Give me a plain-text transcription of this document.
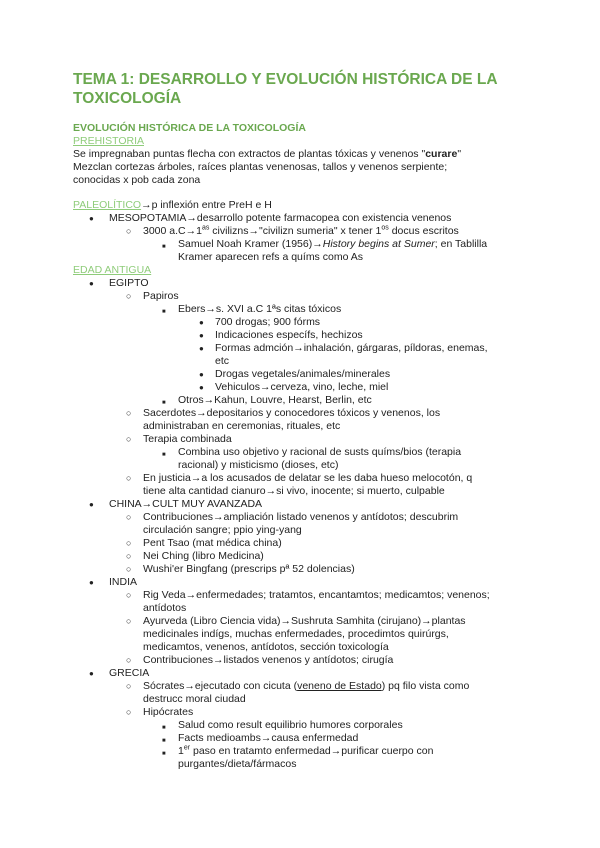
TEMA 1: DESARROLLO Y EVOLUCIÓN HISTÓRICA DE LA TOXICOLOGÍA
EVOLUCIÓN HISTÓRICA DE LA TOXICOLOGÍA
PREHISTORIA
Se impregnaban puntas flecha con extractos de plantas tóxicas y venenos "curare"
Mezclan cortezas árboles, raíces plantas venenosas, tallos y venenos serpiente;
conocidas x pob cada zona
PALEOLÍTICO→p inflexión entre PreH e H
● MESOPOTAMIA→desarrollo potente farmacopea con existencia venenos
○ 3000 $a.C\to 1^{as}$ civilizns→"civilizn sumeria" x tener $1^{os}$ docus escritos
■ Samuel Noah Kramer (1956)→History begins at Sumer; en Tablilla
Kramer aparecen refs a químs como As
EDAD ANTIGUA
● EGIPTO
○ Papiros
■ Ebers→s. XVI a.C 1ªs citas tóxicos
● 700 drogas; 900 fórms
● Indicaciones específs, hechizos
● Formas admción→inhalación, gárgaras, píldoras, enemas,
etc
● Drogas vegetales/animales/minerales
● Vehiculos→cerveza, vino, leche, miel
■ Otros→Kahun, Louvre, Hearst, Berlin, etc
○ Sacerdotes→depositarios y conocedores tóxicos y venenos, los
administraban en ceremonias, rituales, etc
○ Terapia combinada
■ Combina uso objetivo y racional de susts químs/bios (terapia
racional) y misticismo (dioses, etc)
○ En justicia→a los acusados de delatar se les daba hueso melocotón, q
tiene alta cantidad cianuro→si vivo, inocente; si muerto, culpable
● CHINA→CULT MUY AVANZADA
○ Contribuciones→ampliación listado venenos y antídotos; descubrim
circulación sangre; ppio ying-yang
○ Pent Tsao (mat médica china)
○ Nei Ching (libro Medicina)
○ Wushi'er Bingfang (prescrips pª 52 dolencias)
● INDIA
○ Rig Veda→enfermedades; tratamtos, encantamtos; medicamtos; venenos;
antídotos
○ Ayurveda (Libro Ciencia vida)→Sushruta Samhita (cirujano)→plantas
medicinales indígs, muchas enfermedades, procedimtos quirúrgs,
medicamtos, venenos, antídotos, sección toxicología
○ Contribuciones→listados venenos y antídotos; cirugía
● GRECIA
○ Sócrates→ejecutado con cicuta (veneno de Estado) pq filo vista como
destrucc moral ciudad
○ Hipócrates
■ Salud como result equilibrio humores corporales
■ Facts medioambs→causa enfermedad
■ 1er paso en tratamto enfermedad→purificar cuerpo con
purgantes/dieta/fármacos
